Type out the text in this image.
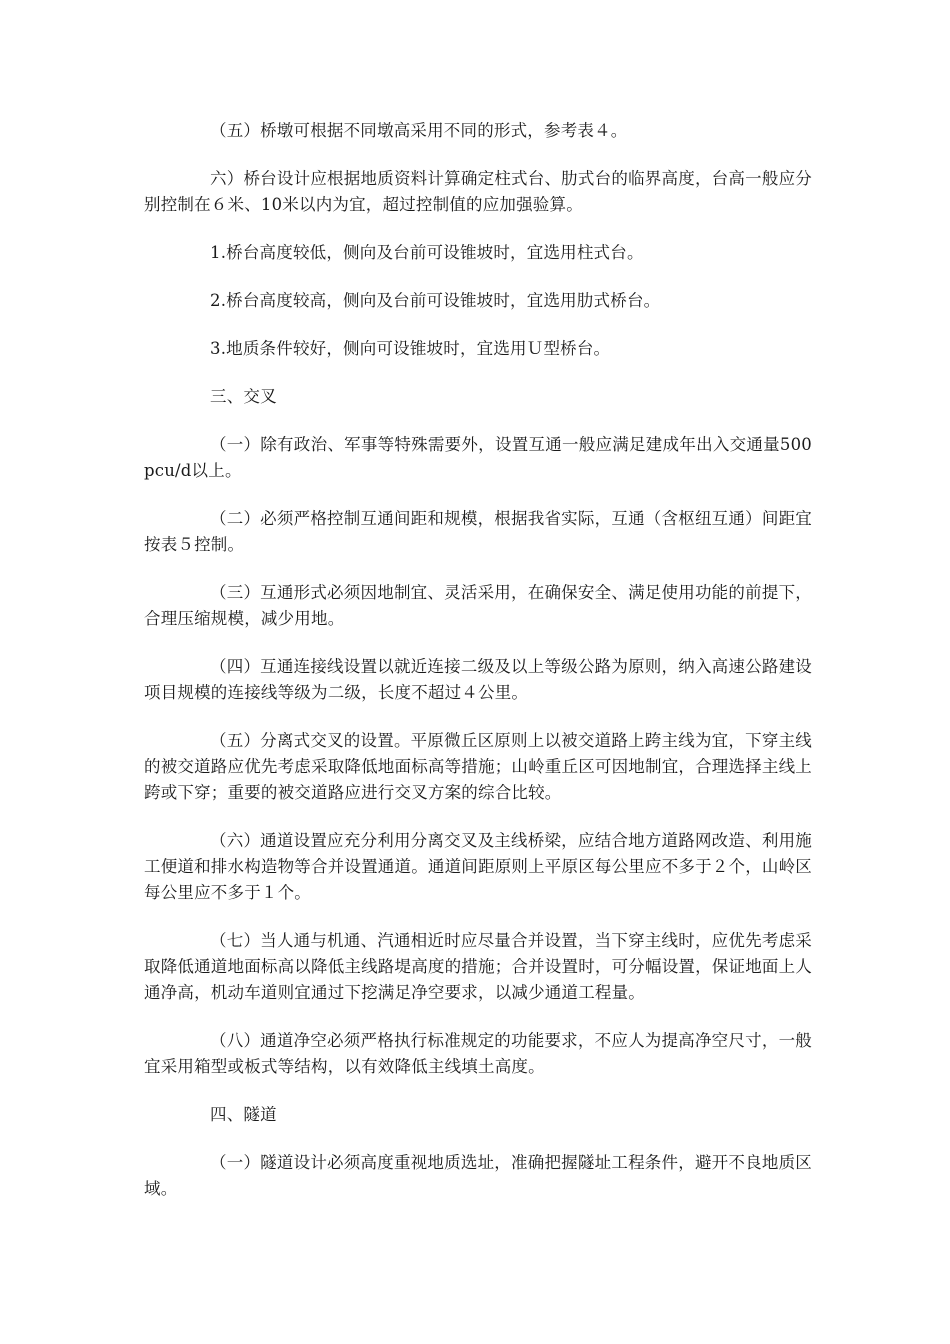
（五）桥墩可根据不同墩高采用不同的形式，参考表４。

六）桥台设计应根据地质资料计算确定柱式台、肋式台的临界高度，台高一般应分别控制在６米、10米以内为宜，超过控制值的应加强验算。

1.桥台高度较低，侧向及台前可设锥坡时，宜选用柱式台。

2.桥台高度较高，侧向及台前可设锥坡时，宜选用肋式桥台。

3.地质条件较好，侧向可设锥坡时，宜选用Ｕ型桥台。

三、交叉

（一）除有政治、军事等特殊需要外，设置互通一般应满足建成年出入交通量500 pcu/d以上。

（二）必须严格控制互通间距和规模，根据我省实际，互通（含枢纽互通）间距宜按表５控制。

（三）互通形式必须因地制宜、灵活采用，在确保安全、满足使用功能的前提下，合理压缩规模，减少用地。

（四）互通连接线设置以就近连接二级及以上等级公路为原则，纳入高速公路建设项目规模的连接线等级为二级，长度不超过４公里。

（五）分离式交叉的设置。平原微丘区原则上以被交道路上跨主线为宜，下穿主线的被交道路应优先考虑采取降低地面标高等措施；山岭重丘区可因地制宜，合理选择主线上跨或下穿；重要的被交道路应进行交叉方案的综合比较。

（六）通道设置应充分利用分离交叉及主线桥梁，应结合地方道路网改造、利用施工便道和排水构造物等合并设置通道。通道间距原则上平原区每公里应不多于２个，山岭区每公里应不多于１个。

（七）当人通与机通、汽通相近时应尽量合并设置，当下穿主线时，应优先考虑采取降低通道地面标高以降低主线路堤高度的措施；合并设置时，可分幅设置，保证地面上人通净高，机动车道则宜通过下挖满足净空要求，以减少通道工程量。

（八）通道净空必须严格执行标准规定的功能要求，不应人为提高净空尺寸，一般宜采用箱型或板式等结构，以有效降低主线填土高度。

四、隧道

（一）隧道设计必须高度重视地质选址，准确把握隧址工程条件，避开不良地质区域。
